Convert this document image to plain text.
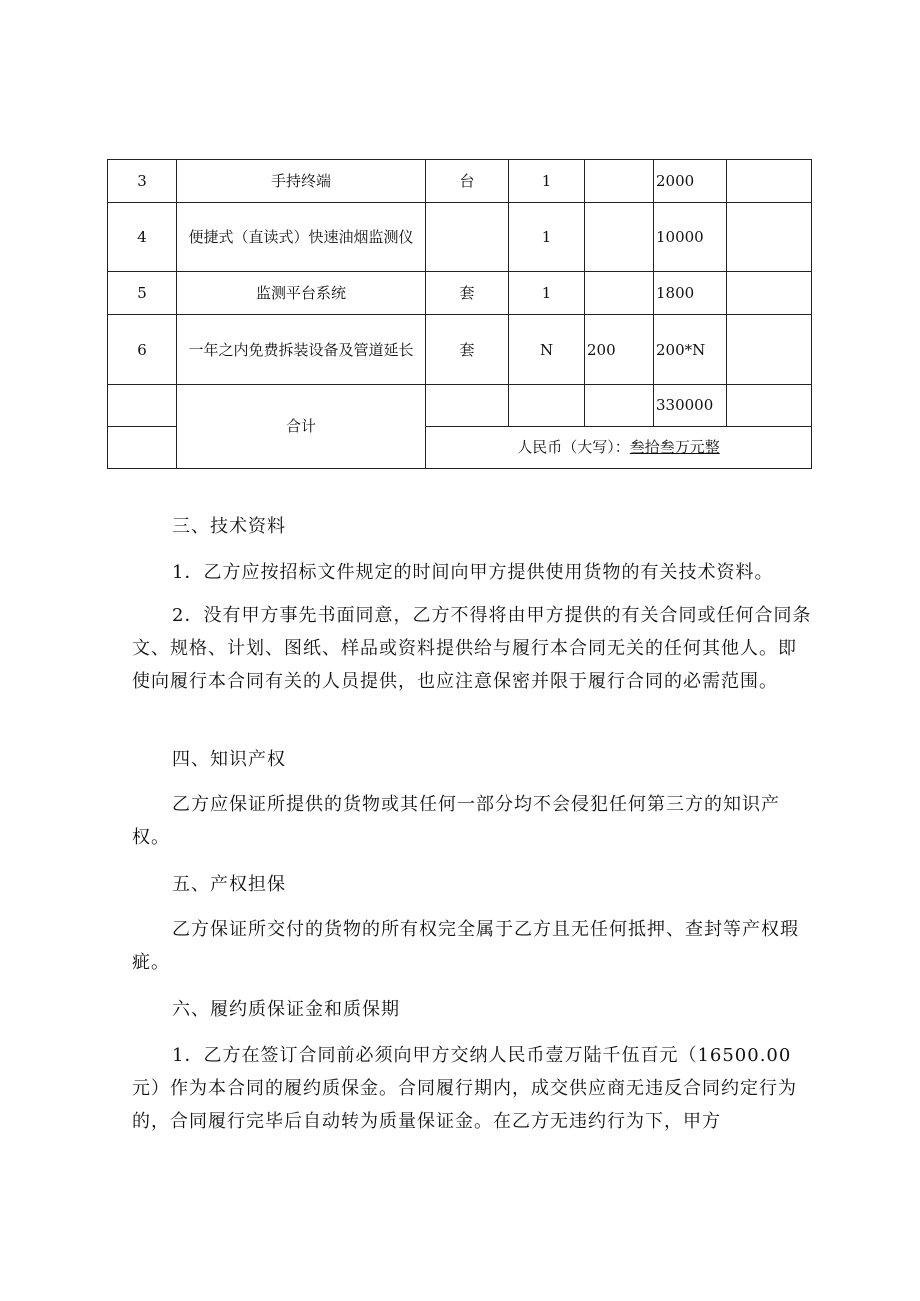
3	手持终端	台	1		2000	
4	便捷式（直读式）快速油烟监测仪		1		10000	
5	监测平台系统	套	1		1800	
6	一年之内免费拆装设备及管道延长	套	N	200	200*N	
	合计				330000	
		人民币（大写）：叁拾叁万元整				

三、技术资料

1．乙方应按招标文件规定的时间向甲方提供使用货物的有关技术资料。

2．没有甲方事先书面同意，乙方不得将由甲方提供的有关合同或任何合同条文、规格、计划、图纸、样品或资料提供给与履行本合同无关的任何其他人。即使向履行本合同有关的人员提供，也应注意保密并限于履行合同的必需范围。

四、知识产权

乙方应保证所提供的货物或其任何一部分均不会侵犯任何第三方的知识产权。

五、产权担保

乙方保证所交付的货物的所有权完全属于乙方且无任何抵押、查封等产权瑕疵。

六、履约质保证金和质保期

1．乙方在签订合同前必须向甲方交纳人民币壹万陆千伍百元（16500.00元）作为本合同的履约质保金。合同履行期内，成交供应商无违反合同约定行为的，合同履行完毕后自动转为质量保证金。在乙方无违约行为下，甲方
